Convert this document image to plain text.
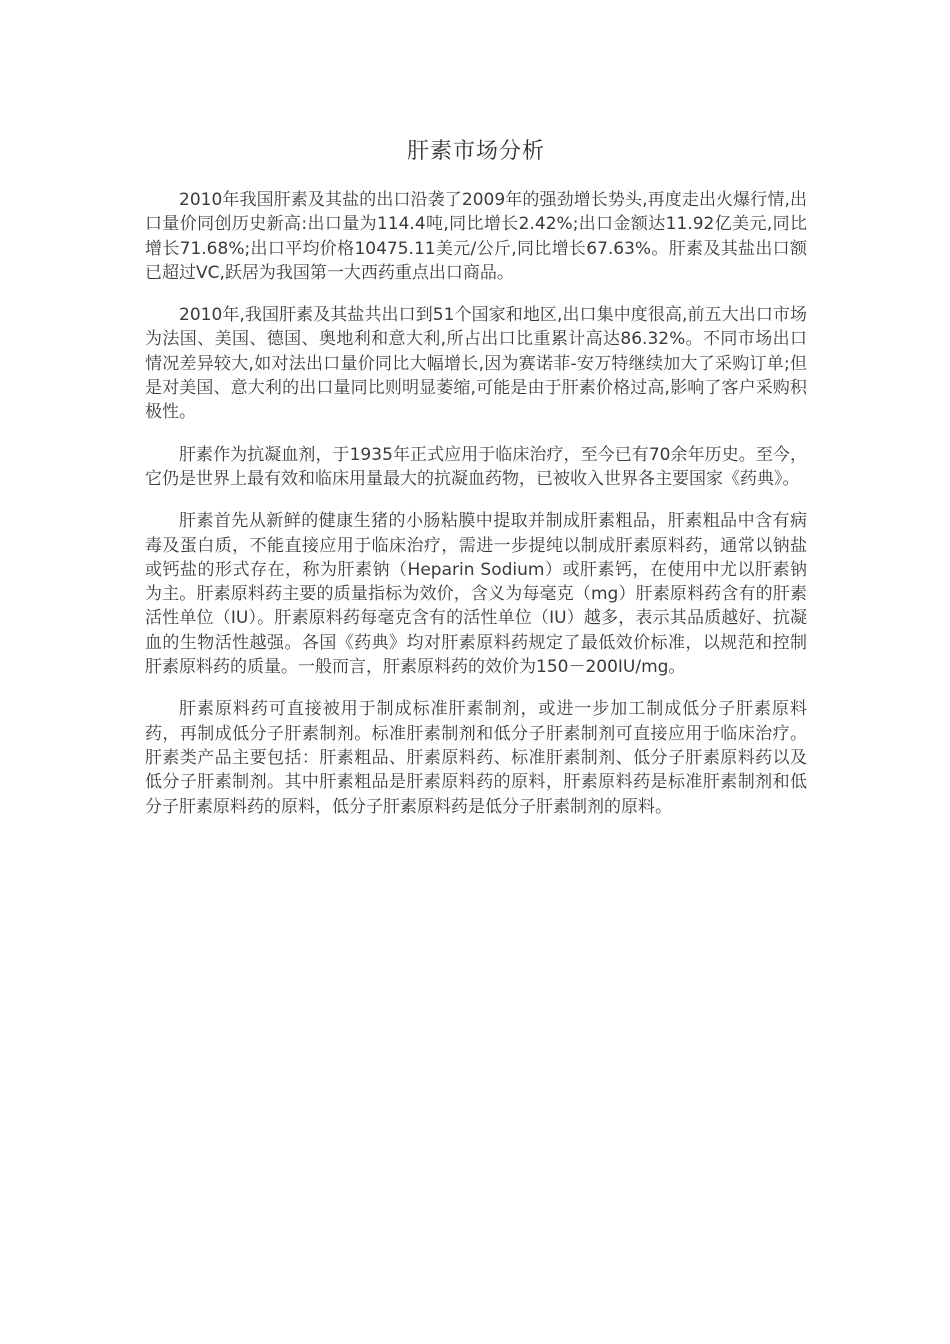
肝素市场分析

2010年我国肝素及其盐的出口沿袭了2009年的强劲增长势头,再度走出火爆行情,出口量价同创历史新高:出口量为114.4吨,同比增长2.42%;出口金额达11.92亿美元,同比增长71.68%;出口平均价格10475.11美元/公斤,同比增长67.63%。肝素及其盐出口额已超过VC,跃居为我国第一大西药重点出口商品。

2010年,我国肝素及其盐共出口到51个国家和地区,出口集中度很高,前五大出口市场为法国、美国、德国、奥地利和意大利,所占出口比重累计高达86.32%。不同市场出口情况差异较大,如对法出口量价同比大幅增长,因为赛诺菲-安万特继续加大了采购订单;但是对美国、意大利的出口量同比则明显萎缩,可能是由于肝素价格过高,影响了客户采购积极性。

肝素作为抗凝血剂，于1935年正式应用于临床治疗，至今已有70余年历史。至今，它仍是世界上最有效和临床用量最大的抗凝血药物，已被收入世界各主要国家《药典》。

肝素首先从新鲜的健康生猪的小肠粘膜中提取并制成肝素粗品，肝素粗品中含有病毒及蛋白质，不能直接应用于临床治疗，需进一步提纯以制成肝素原料药，通常以钠盐或钙盐的形式存在，称为肝素钠（Heparin Sodium）或肝素钙，在使用中尤以肝素钠为主。肝素原料药主要的质量指标为效价，含义为每毫克（mg）肝素原料药含有的肝素活性单位（IU）。肝素原料药每毫克含有的活性单位（IU）越多，表示其品质越好、抗凝血的生物活性越强。各国《药典》均对肝素原料药规定了最低效价标准，以规范和控制肝素原料药的质量。一般而言，肝素原料药的效价为150－200IU/mg。

肝素原料药可直接被用于制成标准肝素制剂，或进一步加工制成低分子肝素原料药，再制成低分子肝素制剂。标准肝素制剂和低分子肝素制剂可直接应用于临床治疗。肝素类产品主要包括：肝素粗品、肝素原料药、标准肝素制剂、低分子肝素原料药以及低分子肝素制剂。其中肝素粗品是肝素原料药的原料，肝素原料药是标准肝素制剂和低分子肝素原料药的原料，低分子肝素原料药是低分子肝素制剂的原料。
